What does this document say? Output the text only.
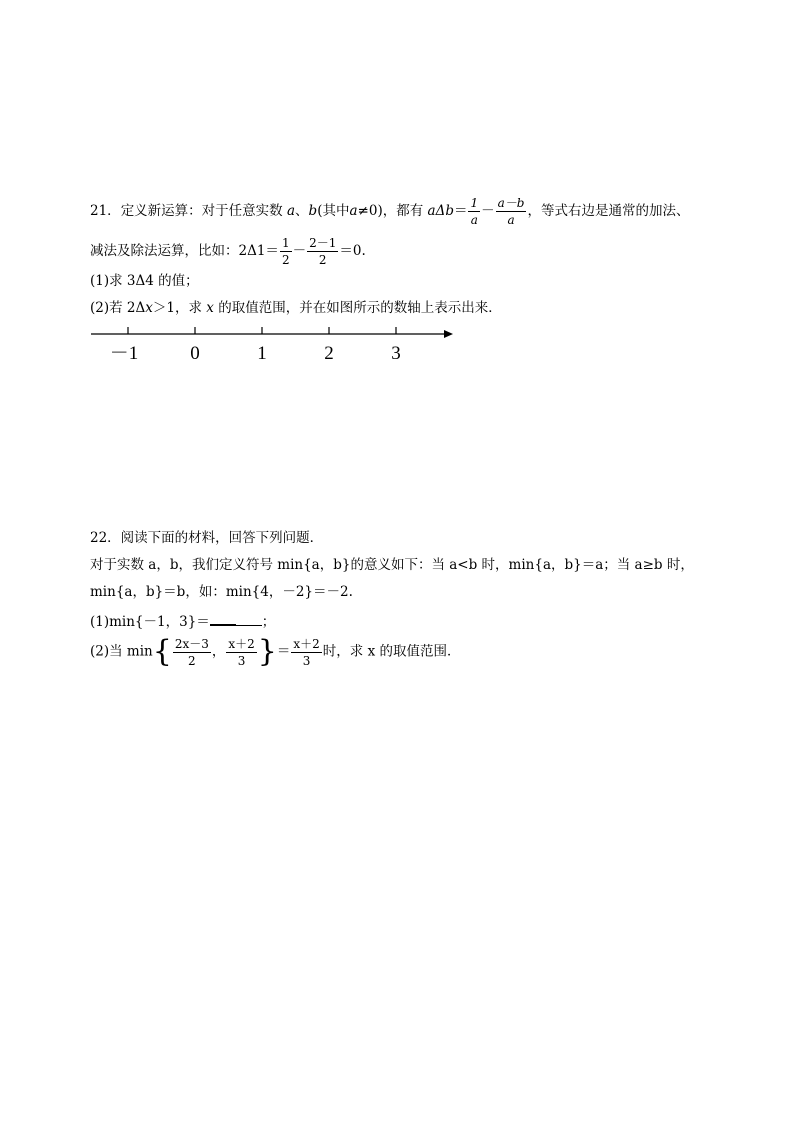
21．定义新运算：对于任意实数 a、b(其中a≠0)，都有 $a\Delta b= \frac{1}{a} - \frac{a-b}{a}$ ，等式右边是通常的加法、
减法及除法运算，比如：$2\Delta 1= \frac{1}{2} - \frac{2-1}{2} =0$.
(1)求 3Δ4 的值；
(2)若 2Δx＞1，求 x 的取值范围，并在如图所示的数轴上表示出来．
－1	0	1	2	3
22．阅读下面的材料，回答下列问题．
对于实数 a，b，我们定义符号 min{a，b}的意义如下：当 a<b 时，min{a，b}＝a；当 a≥b 时，
min{a，b}＝b，如：min{4，－2}＝－2.
(1)min{－1，3}＝	；
(2)当 $\min\{ \frac{2x-3}{2}$ ， $\frac{x+2}{3}$ }＝ $\frac{x+2}{3}$ 时，求 x 的取值范围．
